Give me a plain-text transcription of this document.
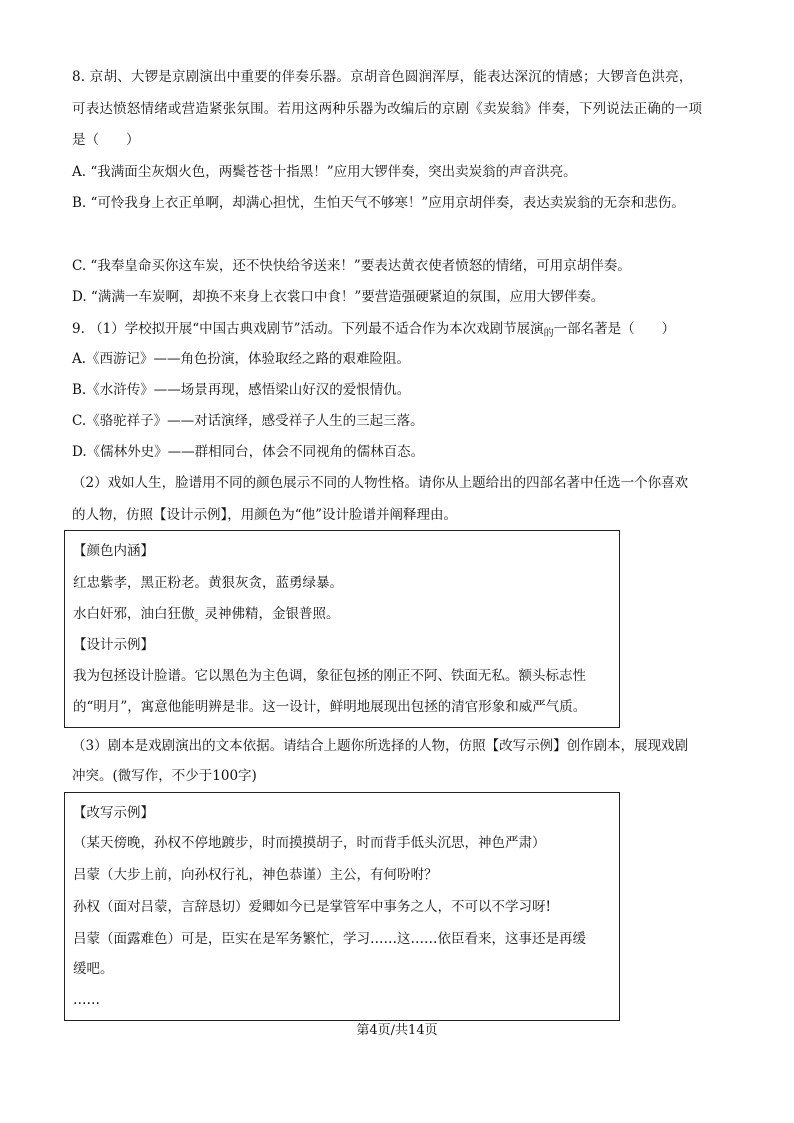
8. 京胡、大锣是京剧演出中重要的伴奏乐器。京胡音色圆润浑厚，能表达深沉的情感；大锣音色洪亮，
可表达愤怒情绪或营造紧张氛围。若用这两种乐器为改编后的京剧《卖炭翁》伴奏，下列说法正确的一项
是（　　）
A. “我满面尘灰烟火色，两鬓苍苍十指黑！”应用大锣伴奏，突出卖炭翁的声音洪亮。
B. “可怜我身上衣正单啊，却满心担忧，生怕天气不够寒！”应用京胡伴奏，表达卖炭翁的无奈和悲伤。
C. “我奉皇命买你这车炭，还不快快给爷送来！”要表达黄衣使者愤怒的情绪，可用京胡伴奏。
D. “满满一车炭啊，却换不来身上衣裳口中食！”要营造强硬紧迫的氛围，应用大锣伴奏。
9. （1）学校拟开展“中国古典戏剧节”活动。下列最不适合作为本次戏剧节展演$_的$一部名著是（　　）
A.《西游记》——角色扮演，体验取经之路的艰难险阻。
B.《水浒传》——场景再现，感悟梁山好汉的爱恨情仇。
C.《骆驼祥子》——对话演绎，感受祥子人生的三起三落。
D.《儒林外史》——群相同台，体会不同视角的儒林百态。
（2）戏如人生，脸谱用不同的颜色展示不同的人物性格。请你从上题给出的四部名著中任选一个你喜欢
的人物，仿照【设计示例】，用颜色为“他”设计脸谱并阐释理由。
【颜色内涵】
红忠紫孝，黑正粉老。黄狠灰贪，蓝勇绿暴。
水白奸邪，油白狂傲$_。$灵神佛精，金银普照。
【设计示例】
我为包拯设计脸谱。它以黑色为主色调，象征包拯的刚正不阿、铁面无私。额头标志性
的“明月”，寓意他能明辨是非。这一设计，鲜明地展现出包拯的清官形象和威严气质。
（3）剧本是戏剧演出的文本依据。请结合上题你所选择的人物，仿照【改写示例】创作剧本，展现戏剧
冲突。(微写作，不少于100字)
【改写示例】
（某天傍晚，孙权不停地踱步，时而摸摸胡子，时而背手低头沉思，神色严肃）
吕蒙（大步上前，向孙权行礼，神色恭谨）主公，有何吩咐？
孙权（面对吕蒙，言辞恳切）爱卿如今已是掌管军中事务之人，不可以不学习呀!
吕蒙（面露难色）可是，臣实在是军务繁忙，学习……这……依臣看来，这事还是再缓
缓吧。
……
第4页/共14页
